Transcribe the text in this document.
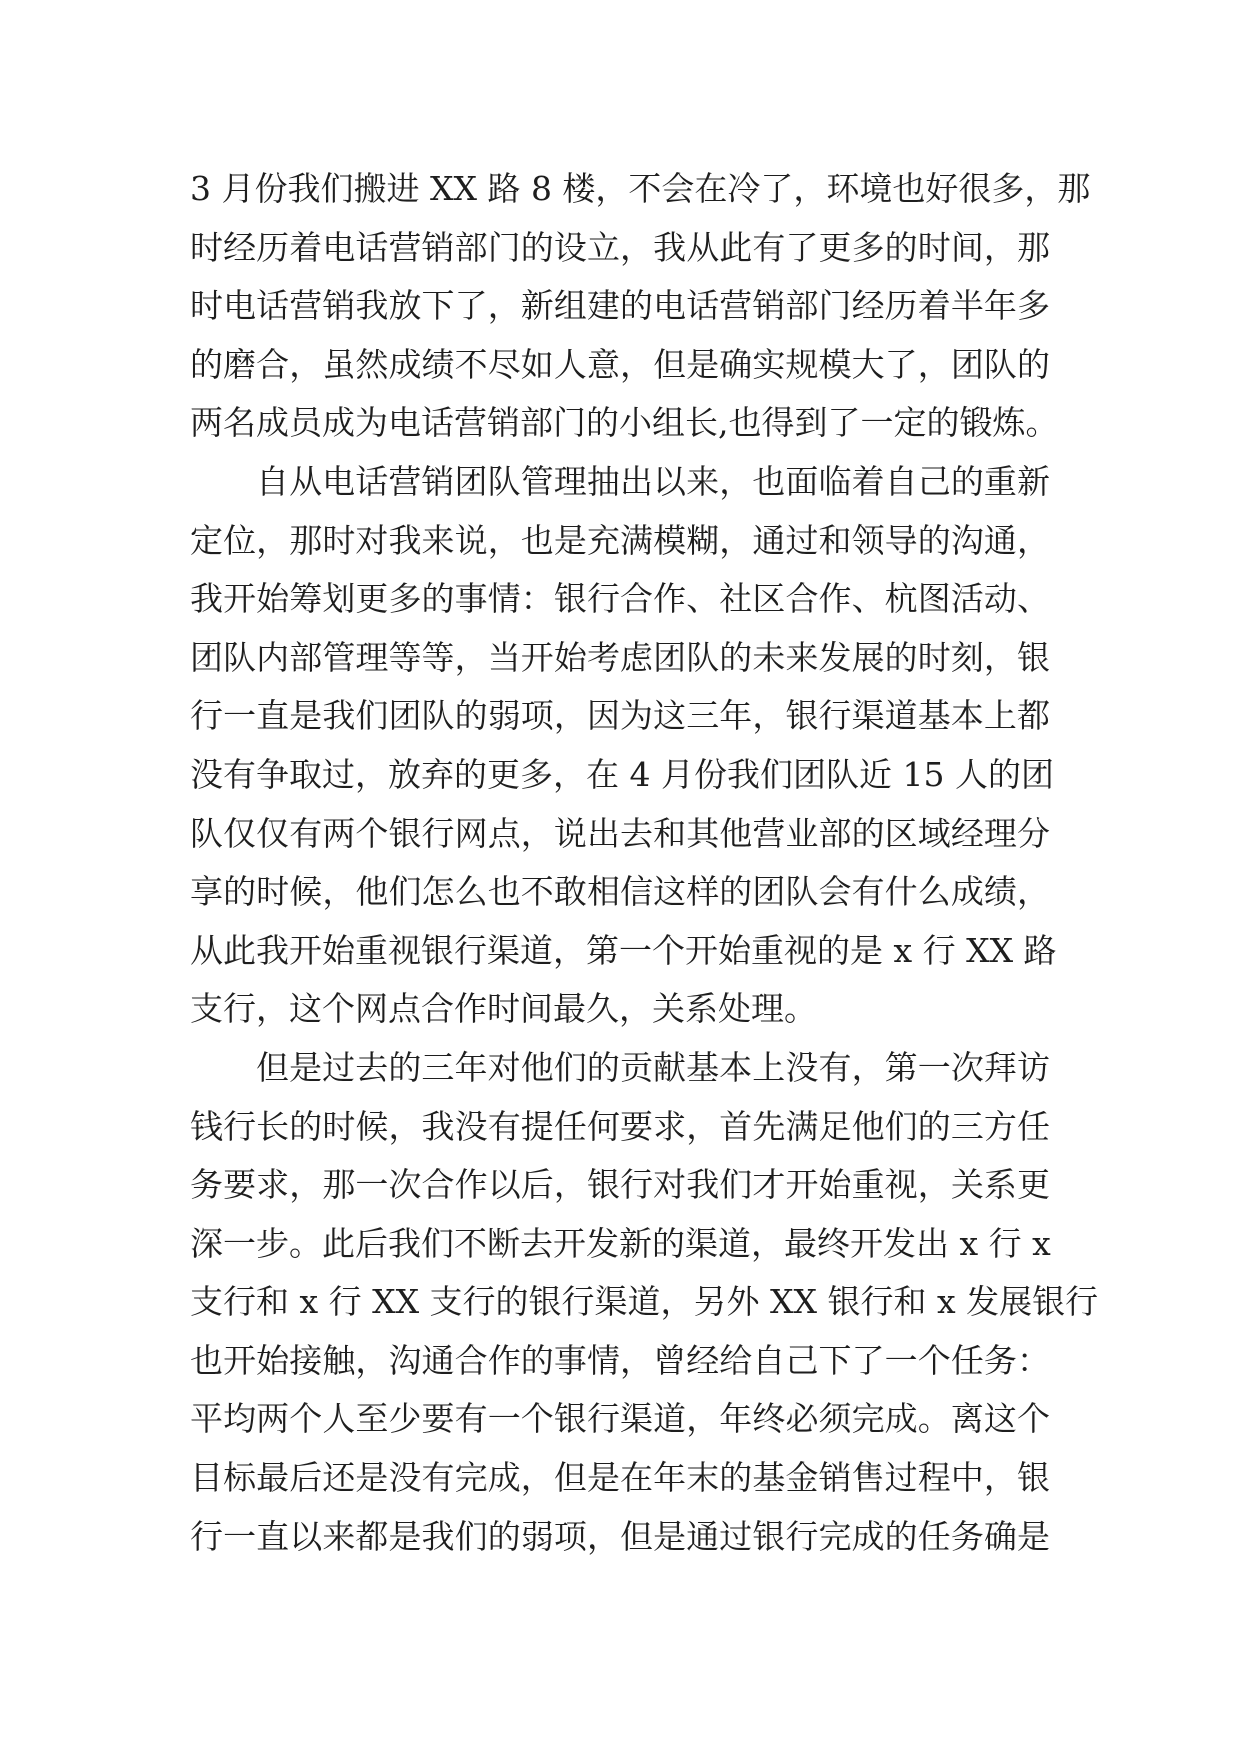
3 月份我们搬进 XX 路 8 楼，不会在冷了，环境也好很多，那
时经历着电话营销部门的设立，我从此有了更多的时间，那
时电话营销我放下了，新组建的电话营销部门经历着半年多
的磨合，虽然成绩不尽如人意，但是确实规模大了，团队的
两名成员成为电话营销部门的小组长,也得到了一定的锻炼。
自从电话营销团队管理抽出以来，也面临着自己的重新
定位，那时对我来说，也是充满模糊，通过和领导的沟通，
我开始筹划更多的事情：银行合作、社区合作、杭图活动、
团队内部管理等等，当开始考虑团队的未来发展的时刻，银
行一直是我们团队的弱项，因为这三年，银行渠道基本上都
没有争取过，放弃的更多，在 4 月份我们团队近 15 人的团
队仅仅有两个银行网点，说出去和其他营业部的区域经理分
享的时候，他们怎么也不敢相信这样的团队会有什么成绩，
从此我开始重视银行渠道，第一个开始重视的是 x 行 XX 路
支行，这个网点合作时间最久，关系处理。
但是过去的三年对他们的贡献基本上没有，第一次拜访
钱行长的时候，我没有提任何要求，首先满足他们的三方任
务要求，那一次合作以后，银行对我们才开始重视，关系更
深一步。此后我们不断去开发新的渠道，最终开发出 x 行 x
支行和 x 行 XX 支行的银行渠道，另外 XX 银行和 x 发展银行
也开始接触，沟通合作的事情，曾经给自己下了一个任务：
平均两个人至少要有一个银行渠道，年终必须完成。离这个
目标最后还是没有完成，但是在年末的基金销售过程中，银
行一直以来都是我们的弱项，但是通过银行完成的任务确是
